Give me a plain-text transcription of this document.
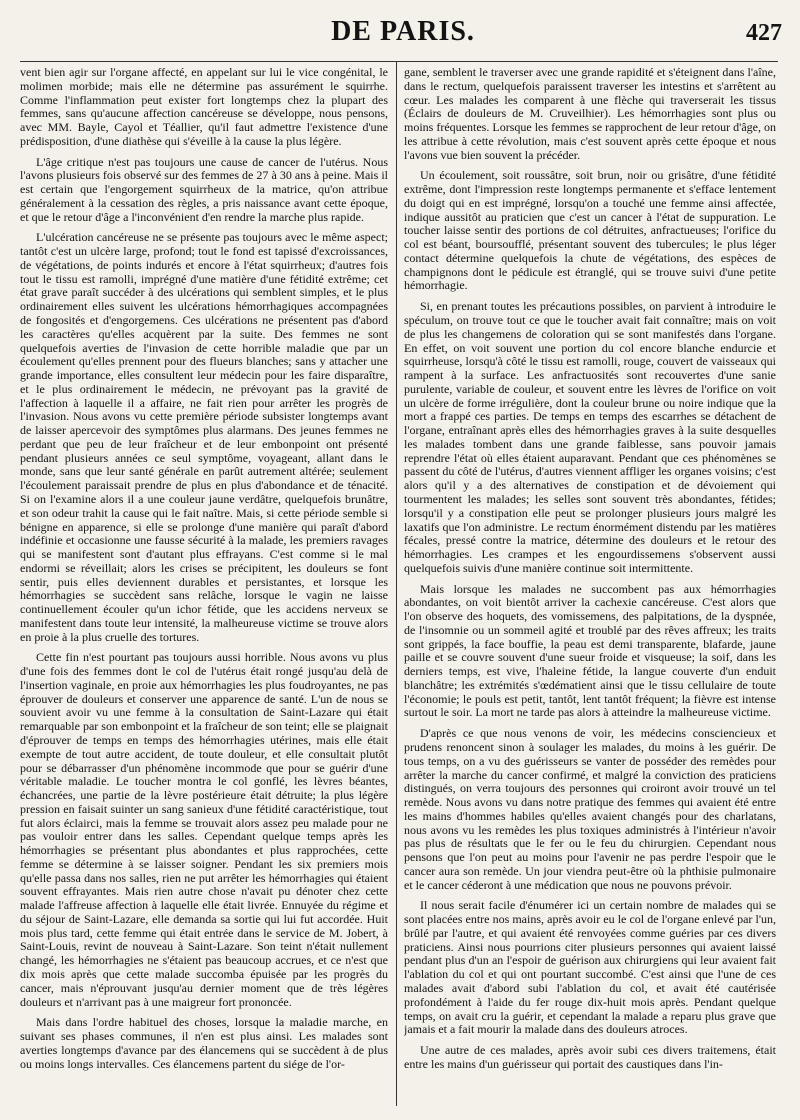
DE PARIS.	427

vent bien agir sur l'organe affecté, en appelant sur lui le vice congénital, le molimen morbide; mais elle ne détermine pas assurément le squirrhe. Comme l'inflammation peut exister fort longtemps chez la plupart des femmes, sans qu'aucune affection cancéreuse se développe, nous pensons, avec MM. Bayle, Cayol et Téallier, qu'il faut admettre l'existence d'une prédisposition, d'une diathèse qui s'éveille à la cause la plus légère.

L'âge critique n'est pas toujours une cause de cancer de l'utérus. Nous l'avons plusieurs fois observé sur des femmes de 27 à 30 ans à peine. Mais il est certain que l'engorgement squirrheux de la matrice, qu'on attribue généralement à la cessation des règles, a pris naissance avant cette époque, et que le retour d'âge a l'inconvénient d'en rendre la marche plus rapide.

L'ulcération cancéreuse ne se présente pas toujours avec le même aspect; tantôt c'est un ulcère large, profond; tout le fond est tapissé d'excroissances, de végétations, de points indurés et encore à l'état squirrheux; d'autres fois tout le tissu est ramolli, imprégné d'une matière d'une fétidité extrême; cet état grave paraît succéder à des ulcérations qui semblent simples, et le plus ordinairement elles suivent les ulcérations hémorrhagiques accompagnées de fongosités et d'engorgemens. Ces ulcérations ne présentent pas d'abord les caractères qu'elles acquèrent par la suite. Des femmes ne sont quelquefois averties de l'invasion de cette horrible maladie que par un écoulement qu'elles prennent pour des flueurs blanches; sans y attacher une grande importance, elles consultent leur médecin pour les faire disparaître, et le plus ordinairement le médecin, ne prévoyant pas la gravité de l'affection à laquelle il a affaire, ne fait rien pour arrêter les progrès de l'invasion. Nous avons vu cette première période subsister longtemps avant de laisser apercevoir des symptômes plus alarmans. Des jeunes femmes ne perdant que peu de leur fraîcheur et de leur embonpoint ont présenté pendant plusieurs années ce seul symptôme, voyageant, allant dans le monde, sans que leur santé générale en parût autrement altérée; seulement l'écoulement paraissait prendre de plus en plus d'abondance et de ténacité. Si on l'examine alors il a une couleur jaune verdâtre, quelquefois brunâtre, et son odeur trahit la cause qui le fait naître. Mais, si cette période semble si bénigne en apparence, si elle se prolonge d'une manière qui paraît d'abord indéfinie et occasionne une fausse sécurité à la malade, les premiers ravages qui se manifestent sont d'autant plus effrayans. C'est comme si le mal endormi se réveillait; alors les crises se précipitent, les douleurs se font sentir, puis elles deviennent durables et persistantes, et lorsque les hémorrhagies se succèdent sans relâche, lorsque le vagin ne laisse continuellement écouler qu'un ichor fétide, que les accidens nerveux se manifestent dans toute leur intensité, la malheureuse victime se trouve alors en proie à la plus cruelle des tortures.

Cette fin n'est pourtant pas toujours aussi horrible. Nous avons vu plus d'une fois des femmes dont le col de l'utérus était rongé jusqu'au delà de l'insertion vaginale, en proie aux hémorrhagies les plus foudroyantes, ne pas éprouver de douleurs et conserver une apparence de santé. L'un de nous se souvient avoir vu une femme à la consultation de Saint-Lazare qui était remarquable par son embonpoint et la fraîcheur de son teint; elle se plaignait d'éprouver de temps en temps des hémorrhagies utérines, mais elle était exempte de tout autre accident, de toute douleur, et elle consultait plutôt pour se débarrasser d'un phénomène incommode que pour se guérir d'une véritable maladie. Le toucher montra le col gonflé, les lèvres béantes, échancrées, une partie de la lèvre postérieure était détruite; la plus légère pression en faisait suinter un sang sanieux d'une fétidité caractéristique, tout fut alors éclairci, mais la femme se trouvait alors assez peu malade pour ne pas vouloir entrer dans les salles. Cependant quelque temps après les hémorrhagies se présentant plus abondantes et plus rapprochées, cette femme se détermine à se laisser soigner. Pendant les six premiers mois qu'elle passa dans nos salles, rien ne put arrêter les hémorrhagies qui étaient souvent effrayantes. Mais rien autre chose n'avait pu dénoter chez cette malade l'affreuse affection à laquelle elle était livrée. Ennuyée du régime et du séjour de Saint-Lazare, elle demanda sa sortie qui lui fut accordée. Huit mois plus tard, cette femme qui était entrée dans le service de M. Jobert, à Saint-Louis, revint de nouveau à Saint-Lazare. Son teint n'était nullement changé, les hémorrhagies ne s'étaient pas beaucoup accrues, et ce n'est que dix mois après que cette malade succomba épuisée par les progrès du cancer, mais n'éprouvant jusqu'au dernier moment que de très légères douleurs et n'arrivant pas à une maigreur fort prononcée.

Mais dans l'ordre habituel des choses, lorsque la maladie marche, en suivant ses phases communes, il n'en est plus ainsi. Les malades sont averties longtemps d'avance par des élancemens qui se succèdent à de plus ou moins longs intervalles. Ces élancemens partent du siége de l'or-

gane, semblent le traverser avec une grande rapidité et s'éteignent dans l'aîne, dans le rectum, quelquefois paraissent traverser les intestins et s'arrêtent au cœur. Les malades les comparent à une flèche qui traverserait les tissus (Éclairs de douleurs de M. Cruveilhier). Les hémorrhagies sont plus ou moins fréquentes. Lorsque les femmes se rapprochent de leur retour d'âge, on les attribue à cette révolution, mais c'est souvent après cette époque et nous l'avons vue bien souvent la précéder.

Un écoulement, soit roussâtre, soit brun, noir ou grisâtre, d'une fétidité extrême, dont l'impression reste longtemps permanente et s'efface lentement du doigt qui en est imprégné, lorsqu'on a touché une femme ainsi affectée, indique aussitôt au praticien que c'est un cancer à l'état de suppuration. Le toucher laisse sentir des portions de col détruites, anfractueuses; l'orifice du col est béant, boursoufflé, présentant souvent des tubercules; le plus léger contact détermine quelquefois la chute de végétations, des espèces de champignons dont le pédicule est étranglé, qui se trouve suivi d'une petite hémorrhagie.

Si, en prenant toutes les précautions possibles, on parvient à introduire le spéculum, on trouve tout ce que le toucher avait fait connaître; mais on voit de plus les changemens de coloration qui se sont manifestés dans l'organe. En effet, on voit souvent une portion du col encore blanche endurcie et squirrheuse, lorsqu'à côté le tissu est ramolli, rouge, couvert de vaisseaux qui rampent à la surface. Les anfractuosités sont recouvertes d'une sanie purulente, variable de couleur, et souvent entre les lèvres de l'orifice on voit un ulcère de forme irrégulière, dont la couleur brune ou noire indique que la mort a frappé ces parties. De temps en temps des escarrhes se détachent de l'organe, entraînant après elles des hémorrhagies graves à la suite desquelles les malades tombent dans une grande faiblesse, sans pouvoir jamais reprendre l'état où elles étaient auparavant. Pendant que ces phénomènes se passent du côté de l'utérus, d'autres viennent affliger les organes voisins; c'est alors qu'il y a des alternatives de constipation et de dévoiement qui tourmentent les malades; les selles sont souvent très abondantes, fétides; lorsqu'il y a constipation elle peut se prolonger plusieurs jours malgré les laxatifs que l'on administre. Le rectum énormément distendu par les matières fécales, pressé contre la matrice, détermine des douleurs et le retour des hémorrhagies. Les crampes et les engourdissemens s'observent aussi quelquefois suivis d'une manière continue soit intermittente.

Mais lorsque les malades ne succombent pas aux hémorrhagies abondantes, on voit bientôt arriver la cachexie cancéreuse. C'est alors que l'on observe des hoquets, des vomissemens, des palpitations, de la dyspnée, de l'insomnie ou un sommeil agité et troublé par des rêves affreux; les traits sont grippés, la face bouffie, la peau est demi transparente, blafarde, jaune paille et se couvre souvent d'une sueur froide et visqueuse; la soif, dans les derniers temps, est vive, l'haleine fétide, la langue couverte d'un enduit blanchâtre; les extrémités s'œdématient ainsi que le tissu cellulaire de toute l'économie; le pouls est petit, tantôt, lent tantôt fréquent; la fièvre est intense surtout le soir. La mort ne tarde pas alors à atteindre la malheureuse victime.

D'après ce que nous venons de voir, les médecins consciencieux et prudens renoncent sinon à soulager les malades, du moins à les guérir. De tous temps, on a vu des guérisseurs se vanter de posséder des remèdes pour arrêter la marche du cancer confirmé, et malgré la conviction des praticiens distingués, on verra toujours des personnes qui croiront avoir trouvé un tel remède. Nous avons vu dans notre pratique des femmes qui avaient été entre les mains d'hommes habiles qu'elles avaient changés pour des charlatans, nous avons vu les remèdes les plus toxiques administrés à l'intérieur n'avoir pas plus de résultats que le fer ou le feu du chirurgien. Cependant nous pensons que l'on peut au moins pour l'avenir ne pas perdre l'espoir que le cancer aura son remède. Un jour viendra peut-être où la phthisie pulmonaire et le cancer céderont à une médication que nous ne pouvons prévoir.

Il nous serait facile d'énumérer ici un certain nombre de malades qui se sont placées entre nos mains, après avoir eu le col de l'organe enlevé par l'un, brûlé par l'autre, et qui avaient été renvoyées comme guéries par ces divers praticiens. Ainsi nous pourrions citer plusieurs personnes qui avaient laissé pendant plus d'un an l'espoir de guérison aux chirurgiens qui leur avaient fait l'ablation du col et qui ont pourtant succombé. C'est ainsi que l'une de ces malades avait d'abord subi l'ablation du col, et avait été cautérisée profondément à l'aide du fer rouge dix-huit mois après. Pendant quelque temps, on avait cru la guérir, et cependant la malade a reparu plus grave que jamais et a fait mourir la malade dans des douleurs atroces.

Une autre de ces malades, après avoir subi ces divers traitemens, était entre les mains d'un guérisseur qui portait des caustiques dans l'in-
